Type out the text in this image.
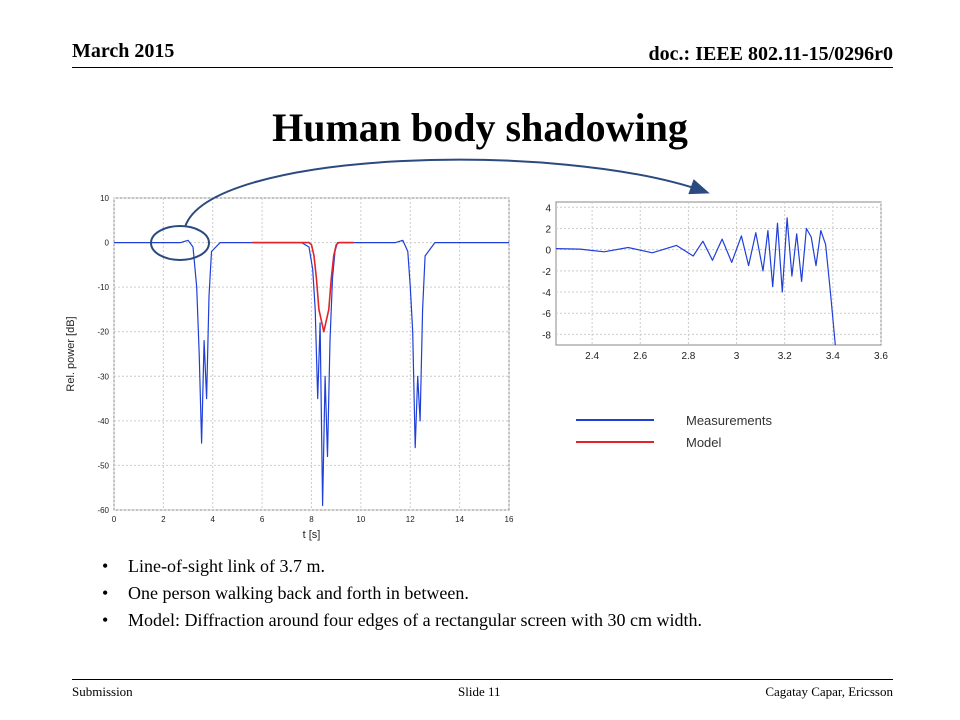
March 2015	doc.: IEEE 802.11-15/0296r0
Human body shadowing
0	2	4	6	8	10	12	14	16
10
0
-10
-20
-30
-40
-50
-60
t [s]
Rel. power [dB]	2.4	2.6	2.8	3	3.2	3.4	3.6
4
2
0
-2
-4
-6
-8
Measurements
Model
• Line-of-sight link of 3.7 m.
• One person walking back and forth in between.
• Model: Diffraction around four edges of a rectangular screen with 30 cm width.
Submission	Slide 11	Cagatay Capar, Ericsson
